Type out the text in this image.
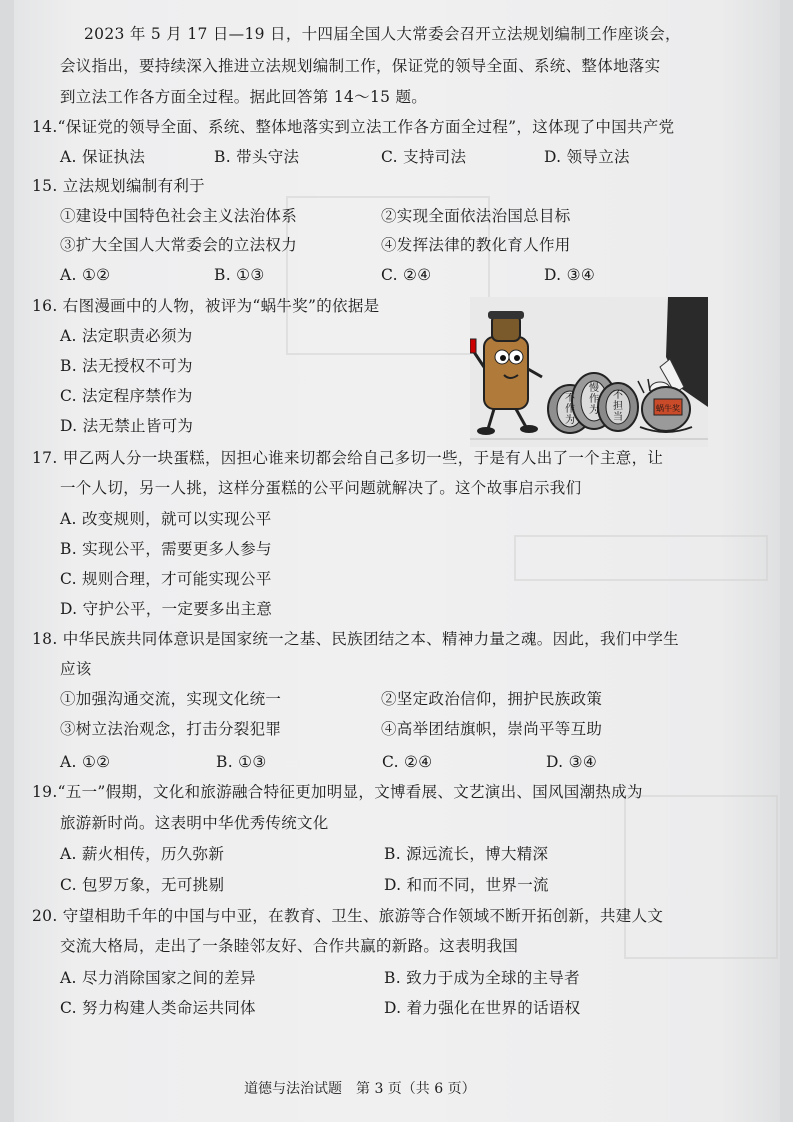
2023 年 5 月 17 日—19 日，十四届全国人大常委会召开立法规划编制工作座谈会，
会议指出，要持续深入推进立法规划编制工作，保证党的领导全面、系统、整体地落实
到立法工作各方面全过程。据此回答第 14～15 题。
14.“保证党的领导全面、系统、整体地落实到立法工作各方面全过程”，这体现了中国共产党
A. 保证执法	B. 带头守法	C. 支持司法	D. 领导立法
15. 立法规划编制有利于
①建设中国特色社会主义法治体系	②实现全面依法治国总目标
③扩大全国人大常委会的立法权力	④发挥法律的教化育人作用
A. ①②	B. ①③	C. ②④	D. ③④
16. 右图漫画中的人物，被评为“蜗牛奖”的依据是
A. 法定职责必须为
B. 法无授权不可为
C. 法定程序禁作为
D. 法无禁止皆可为
不
作
为
慢
作
为
不
担
当
蜗牛奖
17. 甲乙两人分一块蛋糕，因担心谁来切都会给自己多切一些，于是有人出了一个主意，让
一个人切，另一人挑，这样分蛋糕的公平问题就解决了。这个故事启示我们
A. 改变规则，就可以实现公平
B. 实现公平，需要更多人参与
C. 规则合理，才可能实现公平
D. 守护公平，一定要多出主意
18. 中华民族共同体意识是国家统一之基、民族团结之本、精神力量之魂。因此，我们中学生
应该
①加强沟通交流，实现文化统一	②坚定政治信仰，拥护民族政策
③树立法治观念，打击分裂犯罪	④高举团结旗帜，崇尚平等互助
A. ①②	B. ①③	C. ②④	D. ③④
19.“五一”假期，文化和旅游融合特征更加明显，文博看展、文艺演出、国风国潮热成为
旅游新时尚。这表明中华优秀传统文化
A. 薪火相传，历久弥新	B. 源远流长，博大精深
C. 包罗万象，无可挑剔	D. 和而不同，世界一流
20. 守望相助千年的中国与中亚，在教育、卫生、旅游等合作领域不断开拓创新，共建人文
交流大格局，走出了一条睦邻友好、合作共赢的新路。这表明我国
A. 尽力消除国家之间的差异	B. 致力于成为全球的主导者
C. 努力构建人类命运共同体	D. 着力强化在世界的话语权
道德与法治试题　第 3 页（共 6 页）
